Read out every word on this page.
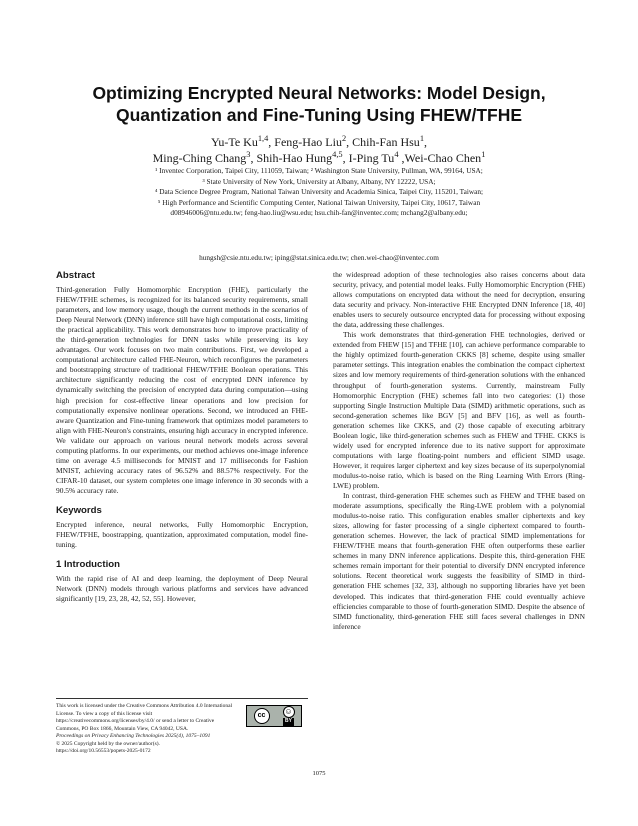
Optimizing Encrypted Neural Networks: Model Design,
Quantization and Fine-Tuning Using FHEW/TFHE
Yu-Te Ku$^{1,4}$, Feng-Hao Liu$^2$, Chih-Fan Hsu$^1$,
Ming-Ching Chang$^3$, Shih-Hao Hung$^{4,5}$, I-Ping Tu$^4$ ,Wei-Chao Chen$^1$
¹ Inventec Corporation, Taipei City, 111059, Taiwan; ² Washington State University, Pullman, WA, 99164, USA;
³ State University of New York, University at Albany, Albany, NY 12222, USA;
⁴ Data Science Degree Program, National Taiwan University and Academia Sinica, Taipei City, 115201, Taiwan;
⁵ High Performance and Scientific Computing Center, National Taiwan University, Taipei City, 10617, Taiwan
d08946006@ntu.edu.tw; feng-hao.liu@wsu.edu; hsu.chih-fan@inventec.com; mchang2@albany.edu;
hungsh@csie.ntu.edu.tw; iping@stat.sinica.edu.tw; chen.wei-chao@inventec.com
Abstract

Third-generation Fully Homomorphic Encryption (FHE), particularly the FHEW/TFHE schemes, is recognized for its balanced security requirements, small parameters, and low memory usage, though the current methods in the scenarios of Deep Neural Network (DNN) inference still have high computational costs, limiting the practical applicability. This work demonstrates how to improve practicality of the third-generation technologies for DNN tasks while preserving its key advantages. Our work focuses on two main contributions. First, we developed a computational architecture called FHE-Neuron, which reconfigures the parameters and bootstrapping structure of traditional FHEW/TFHE Boolean operations. This architecture significantly reducing the cost of encrypted DNN inference by dynamically switching the precision of encrypted data during computation—using high precision for cost-effective linear operations and low precision for computationally expensive nonlinear operations. Second, we introduced an FHE-aware Quantization and Fine-tuning framework that optimizes model parameters to align with FHE-Neuron's constraints, ensuring high accuracy in encrypted inference. We validate our approach on various neural network models across several computing platforms. In our experiments, our method achieves one-image inference time on average 4.5 milliseconds for MNIST and 17 milliseconds for Fashion MNIST, achieving accuracy rates of 96.52% and 88.57% respectively. For the CIFAR-10 dataset, our system completes one image inference in 30 seconds with a 90.5% accuracy rate.

Keywords

Encrypted inference, neural networks, Fully Homomorphic Encryption, FHEW/TFHE, boostrapping, quantization, approximated computation, model fine-tuning.

1 Introduction

With the rapid rise of AI and deep learning, the deployment of Deep Neural Network (DNN) models through various platforms and services have advanced significantly [19, 23, 28, 42, 52, 55]. However,

This work is licensed under the Creative Commons Attribution 4.0 International License. To view a copy of this license visit https://creativecommons.org/licenses/by/4.0/ or send a letter to Creative Commons, PO Box 1866, Mountain View, CA 94042, USA.
Proceedings on Privacy Enhancing Technologies 2025(4), 1075–1091
© 2025 Copyright held by the owner/author(s).
https://doi.org/10.56553/popets-2025-0172
cc	☺
BY

the widespread adoption of these technologies also raises concerns about data security, privacy, and potential model leaks. Fully Homomorphic Encryption (FHE) allows computations on encrypted data without the need for decryption, ensuring data security and privacy. Non-interactive FHE Encrypted DNN Inference [18, 40] enables users to securely outsource encrypted data for processing without exposing the data, addressing these challenges.

This work demonstrates that third-generation FHE technologies, derived or extended from FHEW [15] and TFHE [10], can achieve performance comparable to the highly optimized fourth-generation CKKS [8] scheme, despite using smaller parameter settings. This integration enables the combination the compact ciphertext sizes and low memory requirements of third-generation solutions with the enhanced throughput of fourth-generation systems. Currently, mainstream Fully Homomorphic Encryption (FHE) schemes fall into two categories: (1) those supporting Single Instruction Multiple Data (SIMD) arithmetic operations, such as second-generation schemes like BGV [5] and BFV [16], as well as fourth-generation schemes like CKKS, and (2) those capable of executing arbitrary Boolean logic, like third-generation schemes such as FHEW and TFHE. CKKS is widely used for encrypted inference due to its native support for approximate computations with large floating-point numbers and efficient SIMD usage. However, it requires larger ciphertext and key sizes because of its superpolynomial modulus-to-noise ratio, which is based on the Ring Learning With Errors (Ring-LWE) problem.

In contrast, third-generation FHE schemes such as FHEW and TFHE based on moderate assumptions, specifically the Ring-LWE problem with a polynomial modulus-to-noise ratio. This configuration enables smaller ciphertexts and key sizes, allowing for faster processing of a single ciphertext compared to fourth-generation schemes. However, the lack of practical SIMD implementations for FHEW/TFHE means that fourth-generation FHE often outperforms these earlier schemes in many DNN inference applications. Despite this, third-generation FHE schemes remain important for their potential to diversify DNN encrypted inference solutions. Recent theoretical work suggests the feasibility of SIMD in third-generation FHE schemes [32, 33], although no supporting libraries have yet been developed. This indicates that third-generation FHE could eventually achieve efficiencies comparable to those of fourth-generation SIMD. Despite the absence of SIMD functionality, third-generation FHE still faces several challenges in DNN inference

1075
